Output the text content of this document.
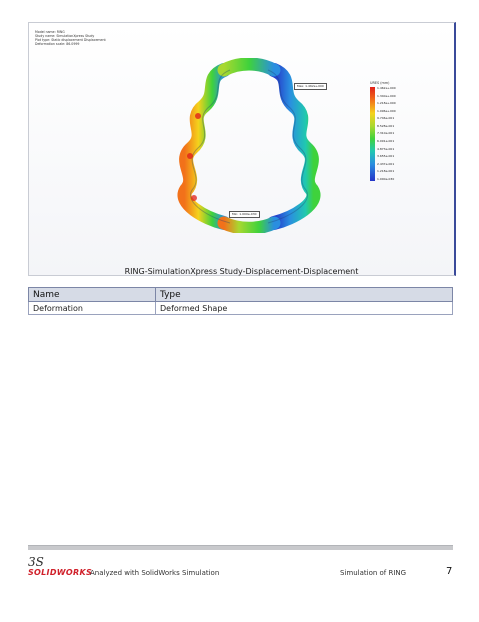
Model name: RING
Study name: SimulationXpress Study
Plot type: Static displacement Displacement
Deformation scale: 86.0999
Max: 1.462e+000
Min: 1.000e-030
URES (mm)
1.462e+000
1.340e+000
1.218e+000
1.096e+000
9.746e-001
8.528e-001
7.310e-001
6.091e-001
4.873e-001
3.655e-001
2.437e-001
1.218e-001
1.000e-030
RING-SimulationXpress Study-Displacement-Displacement
Name	Type
Deformation	Deformed Shape
3S
SOLIDWORKS
Analyzed with SolidWorks Simulation	Simulation of RING	7
